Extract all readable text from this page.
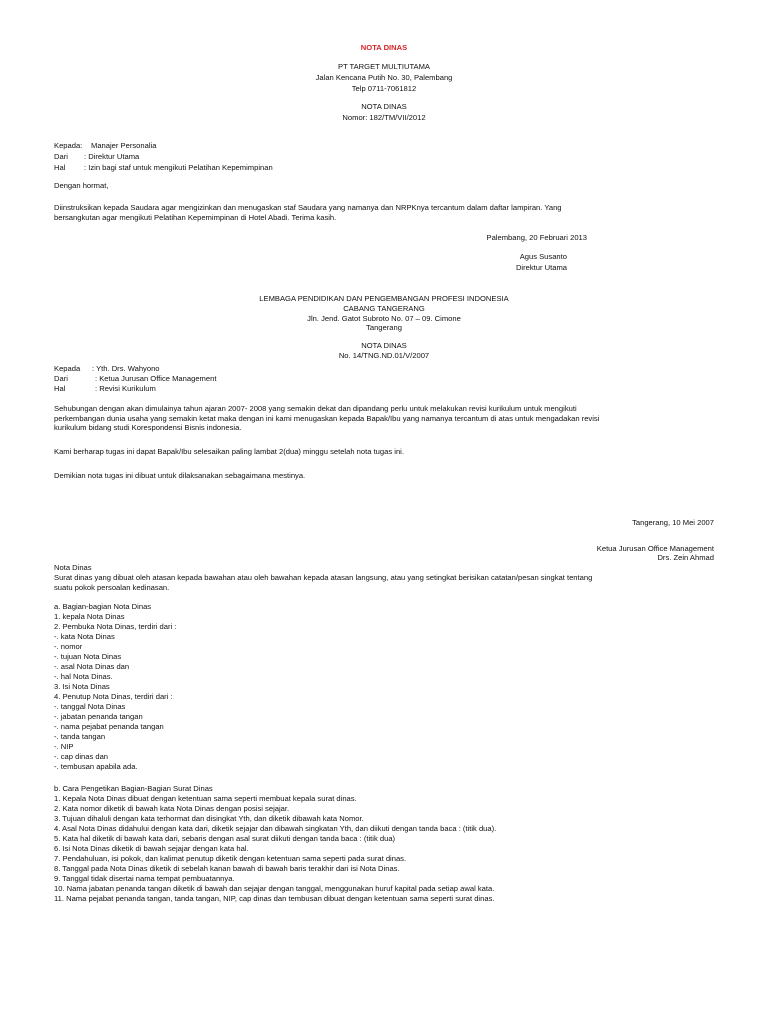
NOTA DINAS
PT TARGET MULTIUTAMA
Jalan Kencana Putih No. 30, Palembang
Telp 0711-7061812
NOTA DINAS
Nomor: 182/TM/VII/2012
Kepada: Manajer Personalia
Dari : Direktur Utama
Hal : Izin bagi staf untuk mengikuti Pelatihan Kepemimpinan
Dengan hormat,
Diinstruksikan kepada Saudara agar mengizinkan dan menugaskan staf Saudara yang namanya dan NRPKnya tercantum dalam daftar lampiran. Yang
bersangkutan agar mengikuti Pelatihan Kepemimpinan di Hotel Abadi. Terima kasih.
Palembang, 20 Februari 2013
Agus Susanto
Direktur Utama
LEMBAGA PENDIDIKAN DAN PENGEMBANGAN PROFESI INDONESIA
CABANG TANGERANG
Jln. Jend. Gatot Subroto No. 07 – 09. Cimone
Tangerang
NOTA DINAS
No. 14/TNG.ND.01/V/2007
Kepada : Yth. Drs. Wahyono
Dari	: Ketua Jurusan Office Management
Hal	: Revisi Kurikulum
Sehubungan dengan akan dimulainya tahun ajaran 2007- 2008 yang semakin dekat dan dipandang perlu untuk melakukan revisi kurikulum untuk mengikuti
perkembangan dunia usaha yang semakin ketat maka dengan ini kami menugaskan kepada Bapak/Ibu yang namanya tercantum di atas untuk mengadakan revisi
kurikulum bidang studi Korespondensi Bisnis indonesia.
Kami berharap tugas ini dapat Bapak/Ibu selesaikan paling lambat 2(dua) minggu setelah nota tugas ini.
Demikian nota tugas ini dibuat untuk dilaksanakan sebagaimana mestinya.
Tangerang, 10 Mei 2007
Ketua Jurusan Office Management
Drs. Zein Ahmad
Nota Dinas
Surat dinas yang dibuat oleh atasan kepada bawahan atau oleh bawahan kepada atasan langsung, atau yang setingkat berisikan catatan/pesan singkat tentang
suatu pokok persoalan kedinasan.
a. Bagian-bagian Nota Dinas
1. kepala Nota Dinas
2. Pembuka Nota Dinas, terdiri dari :
-. kata Nota Dinas
-. nomor
-. tujuan Nota Dinas
-. asal Nota Dinas dan
-. hal Nota Dinas.
3. Isi Nota Dinas
4. Penutup Nota Dinas, terdiri dari :
-. tanggal Nota Dinas
-. jabatan penanda tangan
-. nama pejabat penanda tangan
-. tanda tangan
-. NIP
-. cap dinas dan
-. tembusan apabila ada.
b. Cara Pengetikan Bagian-Bagian Surat Dinas
1. Kepala Nota Dinas dibuat dengan ketentuan sama seperti membuat kepala surat dinas.
2. Kata nomor diketik di bawah kata Nota Dinas dengan posisi sejajar.
3. Tujuan dihaluli dengan kata terhormat dan disingkat Yth, dan diketik dibawah kata Nomor.
4. Asal Nota Dinas didahului dengan kata dari, diketik sejajar dan dibawah singkatan Yth, dan diikuti dengan tanda baca : (titik dua).
5. Kata hal diketik di bawah kata dari, sebaris dengan asal surat diikuti dengan tanda baca : (titik dua)
6. Isi Nota Dinas diketik di bawah sejajar dengan kata hal.
7. Pendahuluan, isi pokok, dan kalimat penutup diketik dengan ketentuan sama seperti pada surat dinas.
8. Tanggal pada Nota Dinas diketik di sebelah kanan bawah di bawah baris terakhir dari isi Nota Dinas.
9. Tanggal tidak disertai nama tempat pembuatannya.
10. Nama jabatan penanda tangan diketik di bawah dan sejajar dengan tanggal, menggunakan huruf kapital pada setiap awal kata.
11. Nama pejabat penanda tangan, tanda tangan, NIP, cap dinas dan tembusan dibuat dengan ketentuan sama seperti surat dinas.
